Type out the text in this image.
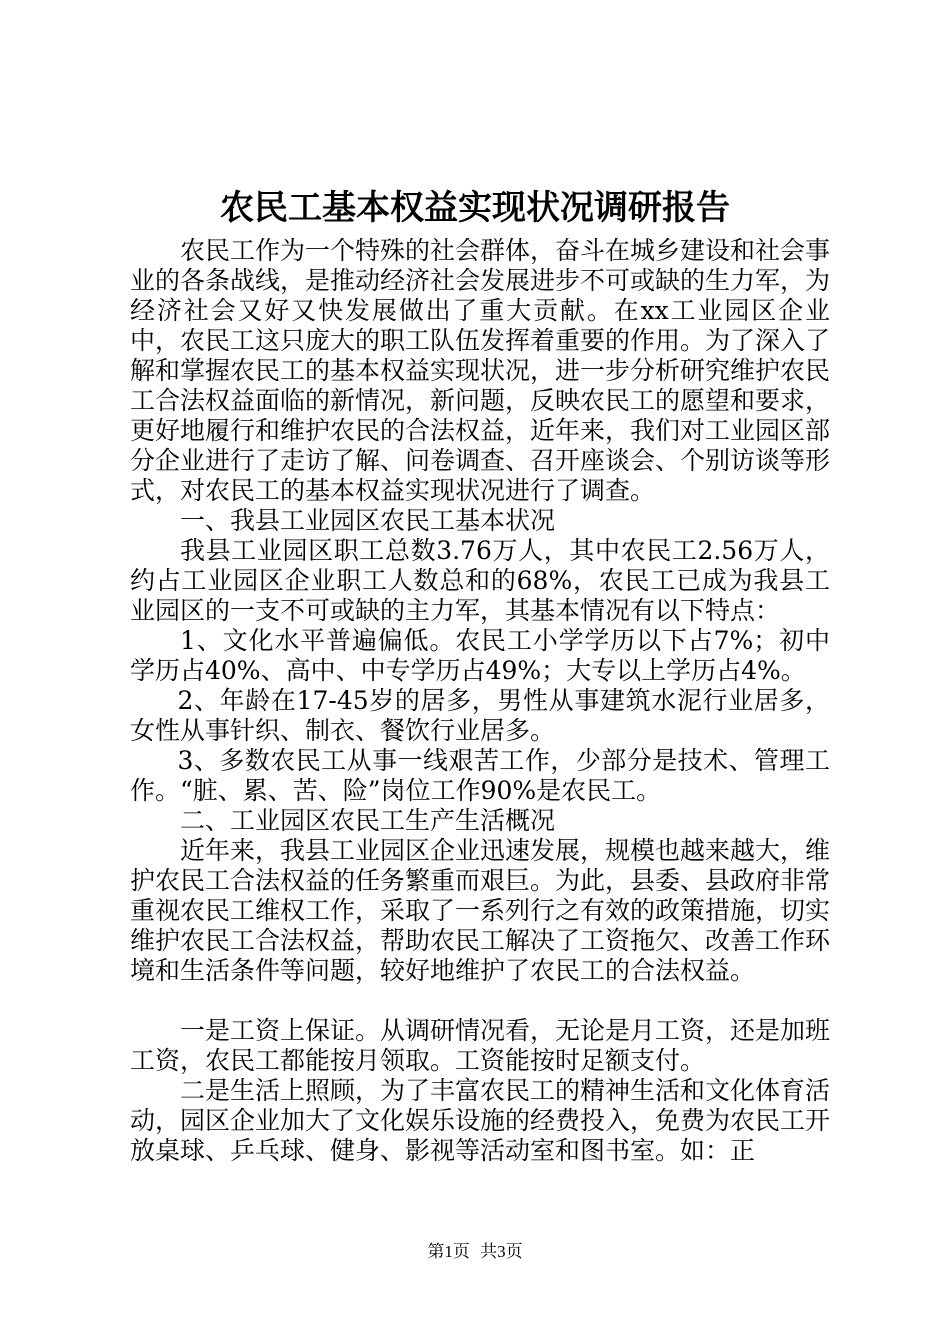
农民工基本权益实现状况调研报告

农民工作为一个特殊的社会群体，奋斗在城乡建设和社会事业的各条战线，是推动经济社会发展进步不可或缺的生力军，为经济社会又好又快发展做出了重大贡献。在xx工业园区企业中，农民工这只庞大的职工队伍发挥着重要的作用。为了深入了解和掌握农民工的基本权益实现状况，进一步分析研究维护农民工合法权益面临的新情况，新问题，反映农民工的愿望和要求，更好地履行和维护农民的合法权益，近年来，我们对工业园区部分企业进行了走访了解、问卷调查、召开座谈会、个别访谈等形式，对农民工的基本权益实现状况进行了调查。

一、我县工业园区农民工基本状况

我县工业园区职工总数3.76万人，其中农民工2.56万人，约占工业园区企业职工人数总和的68%，农民工已成为我县工业园区的一支不可或缺的主力军，其基本情况有以下特点：

1、文化水平普遍偏低。农民工小学学历以下占7%；初中学历占40%、高中、中专学历占49%；大专以上学历占4%。

2、年龄在17-45岁的居多，男性从事建筑水泥行业居多，女性从事针织、制衣、餐饮行业居多。

3、多数农民工从事一线艰苦工作，少部分是技术、管理工作。“脏、累、苦、险”岗位工作90%是农民工。

二、工业园区农民工生产生活概况

近年来，我县工业园区企业迅速发展，规模也越来越大，维护农民工合法权益的任务繁重而艰巨。为此，县委、县政府非常重视农民工维权工作，采取了一系列行之有效的政策措施，切实维护农民工合法权益，帮助农民工解决了工资拖欠、改善工作环境和生活条件等问题，较好地维护了农民工的合法权益。

一是工资上保证。从调研情况看，无论是月工资，还是加班工资，农民工都能按月领取。工资能按时足额支付。

二是生活上照顾，为了丰富农民工的精神生活和文化体育活动，园区企业加大了文化娱乐设施的经费投入，免费为农民工开放桌球、乒乓球、健身、影视等活动室和图书室。如：正

第1页 共3页
